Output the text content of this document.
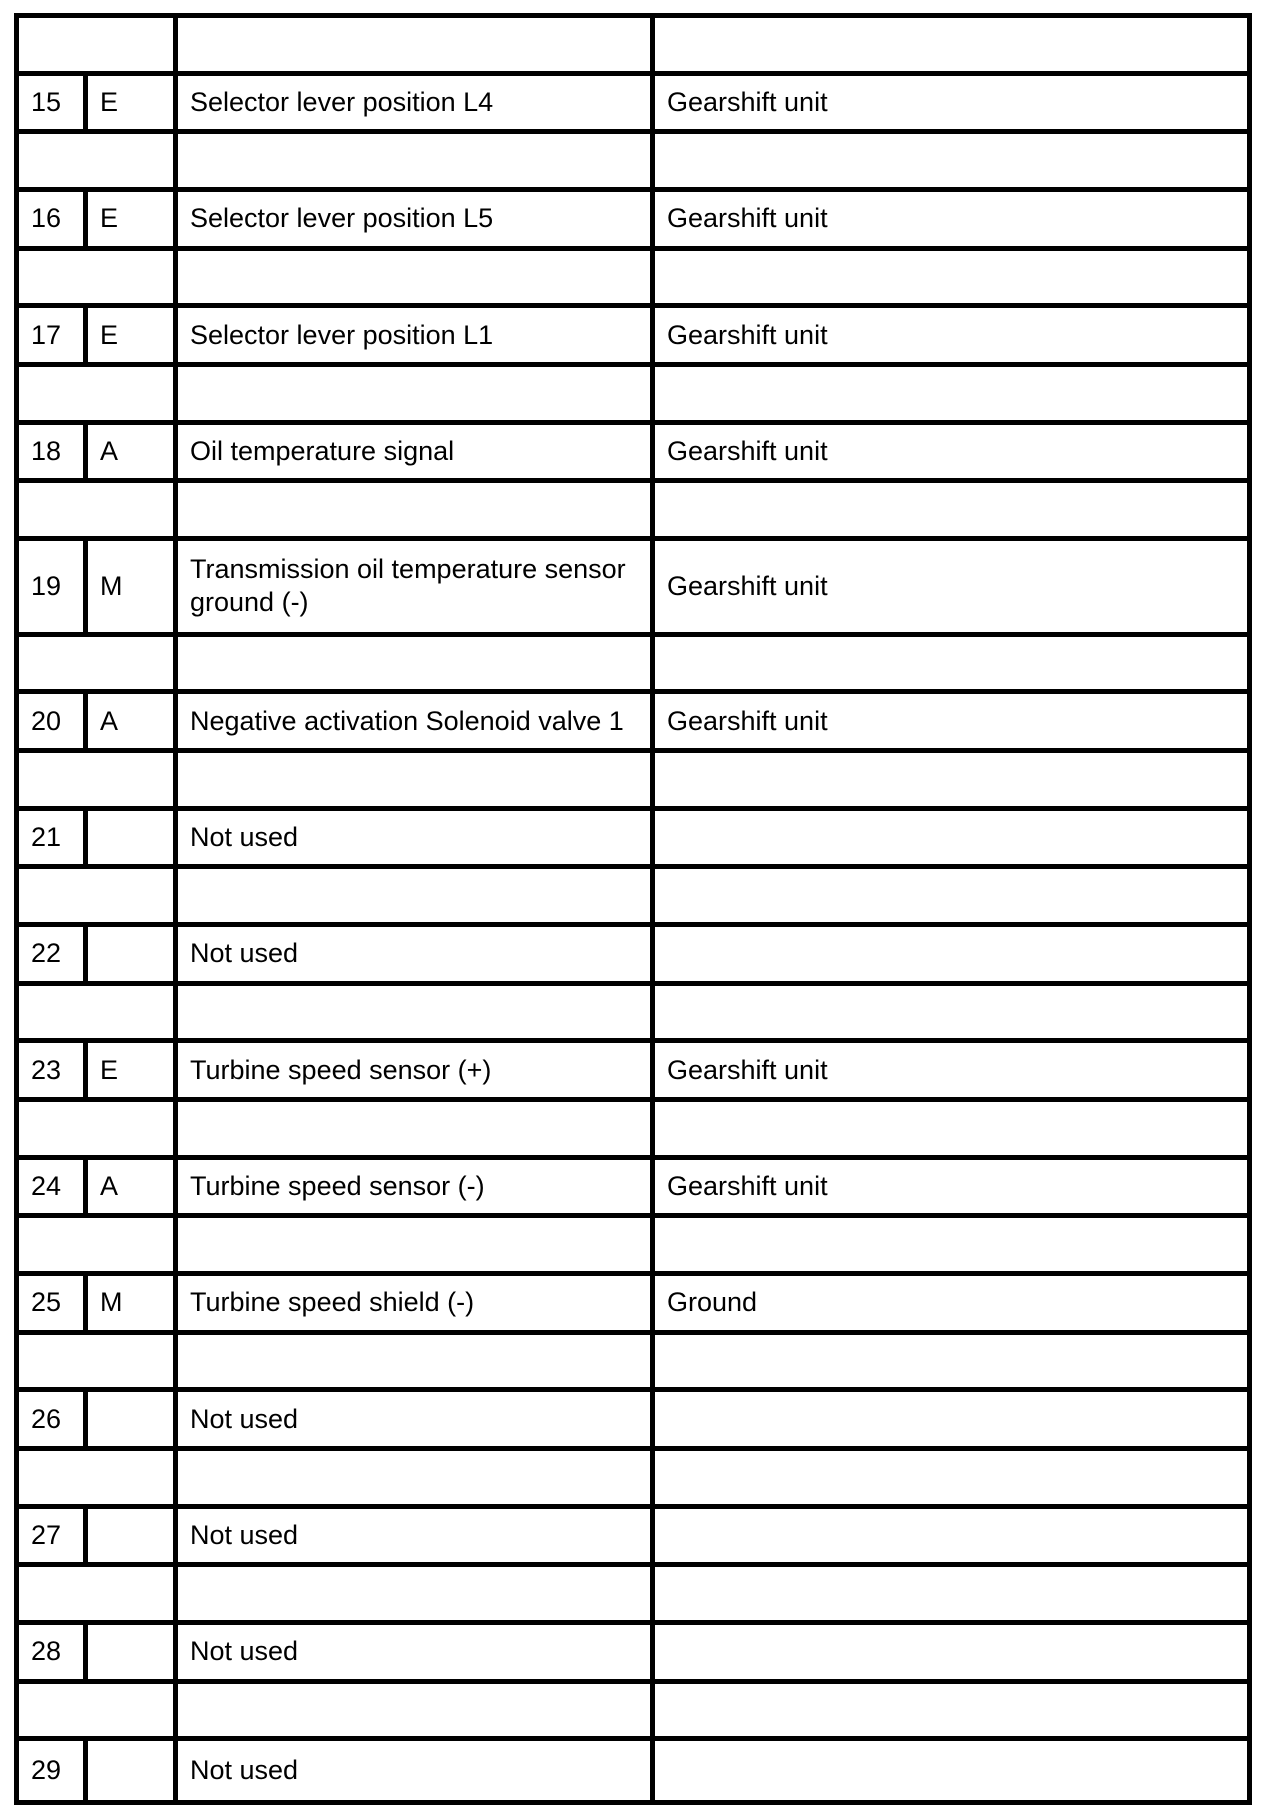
15	E	Selector lever position L4	Gearshift unit

16	E	Selector lever position L5	Gearshift unit

17	E	Selector lever position L1	Gearshift unit

18	A	Oil temperature signal	Gearshift unit

19	M	Transmission oil temperature sensor ground (-)	Gearshift unit

20	A	Negative activation Solenoid valve 1	Gearshift unit

21		Not used	

22		Not used	

23	E	Turbine speed sensor (+)	Gearshift unit

24	A	Turbine speed sensor (-)	Gearshift unit

25	M	Turbine speed shield (-)	Ground

26		Not used	

27		Not used	

28		Not used	

29		Not used	
